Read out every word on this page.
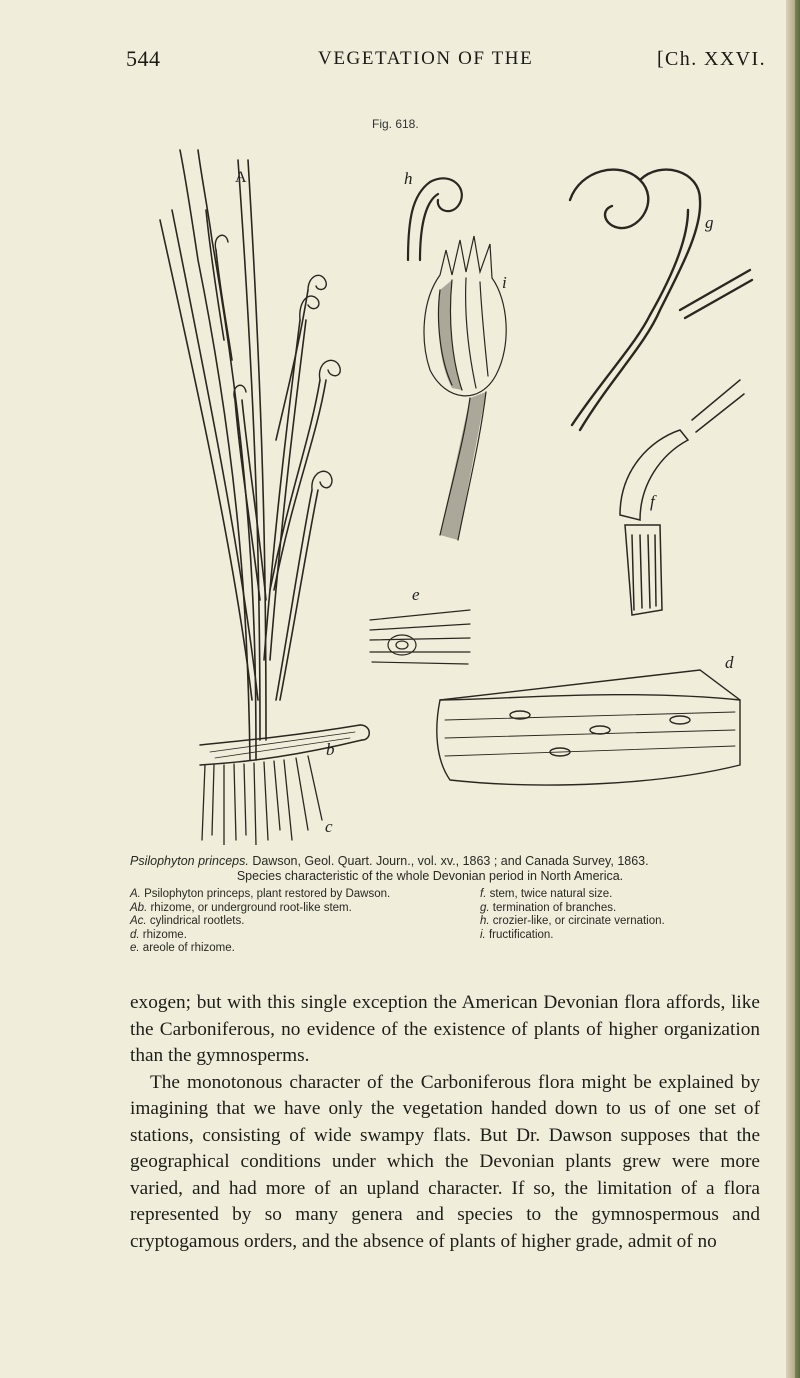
544	VEGETATION OF THE	[Ch. XXVI.
Fig. 618.
A
b
c
d
e
f
g
h
i
Psilophyton princeps. Dawson, Geol. Quart. Journ., vol. xv., 1863 ; and Canada Survey, 1863.
Species characteristic of the whole Devonian period in North America.
A. Psilophyton princeps, plant restored by Dawson.
Ab. rhizome, or underground root-like stem.
Ac. cylindrical rootlets.
d. rhizome.
e. areole of rhizome.
f. stem, twice natural size.
g. termination of branches.
h. crozier-like, or circinate vernation.
i. fructification.

exogen; but with this single exception the American Devonian flora affords, like the Carboniferous, no evidence of the existence of plants of higher organization than the gymnosperms.

The monotonous character of the Carboniferous flora might be explained by imagining that we have only the vegetation handed down to us of one set of stations, consisting of wide swampy flats. But Dr. Dawson supposes that the geographical conditions under which the Devonian plants grew were more varied, and had more of an upland character. If so, the limitation of a flora represented by so many genera and species to the gymnospermous and cryptogamous orders, and the absence of plants of higher grade, admit of no
